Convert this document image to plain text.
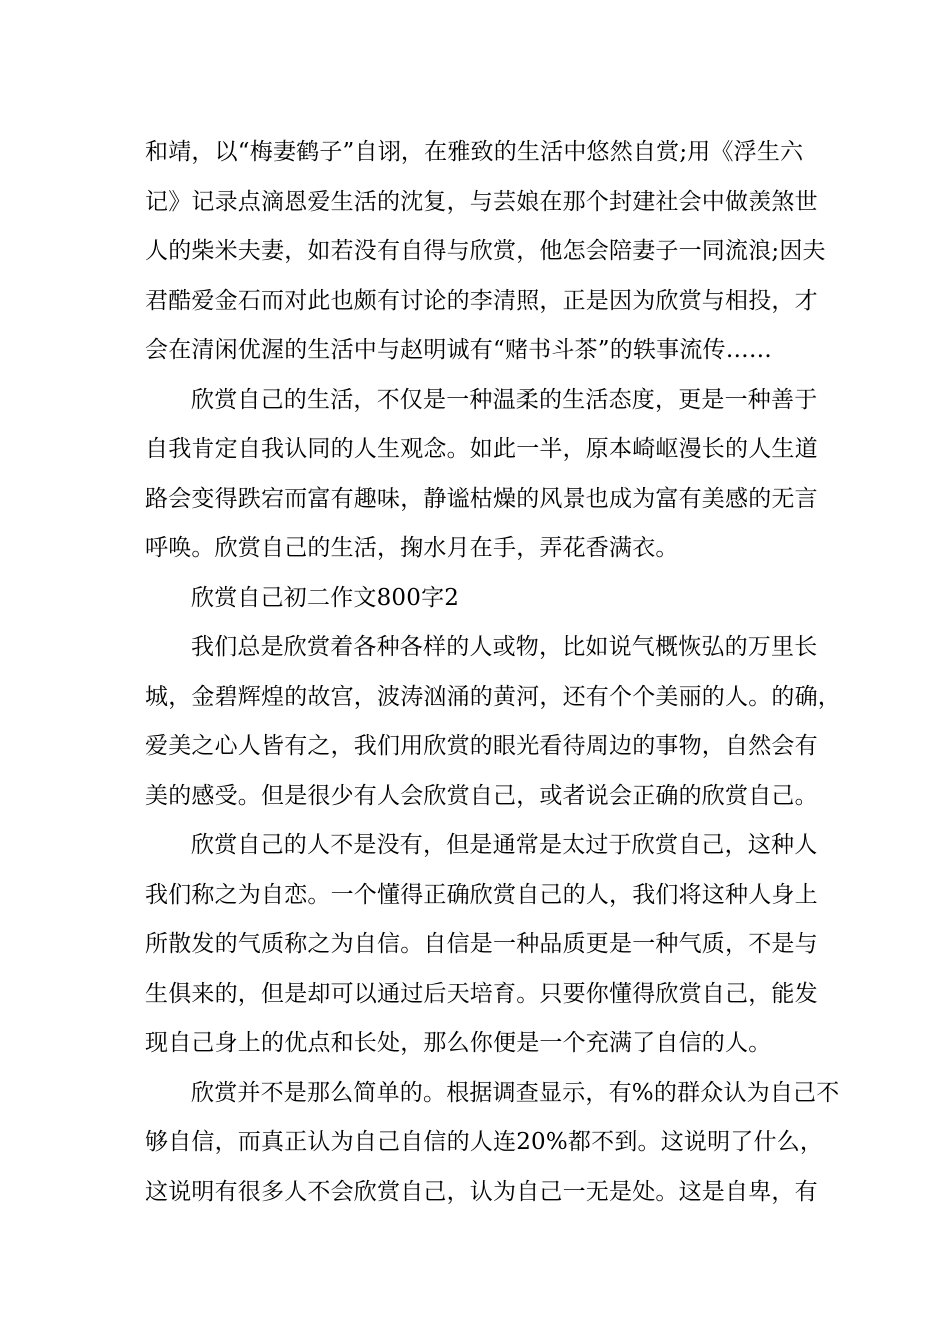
和靖，以“梅妻鹤子”自诩，在雅致的生活中悠然自赏;用《浮生六
记》记录点滴恩爱生活的沈复，与芸娘在那个封建社会中做羡煞世
人的柴米夫妻，如若没有自得与欣赏，他怎会陪妻子一同流浪;因夫
君酷爱金石而对此也颇有讨论的李清照，正是因为欣赏与相投，才
会在清闲优渥的生活中与赵明诚有“赌书斗茶”的轶事流传……
欣赏自己的生活，不仅是一种温柔的生活态度，更是一种善于
自我肯定自我认同的人生观念。如此一半，原本崎岖漫长的人生道
路会变得跌宕而富有趣味，静谧枯燥的风景也成为富有美感的无言
呼唤。欣赏自己的生活，掬水月在手，弄花香满衣。
欣赏自己初二作文800字2
我们总是欣赏着各种各样的人或物，比如说气概恢弘的万里长
城，金碧辉煌的故宫，波涛汹涌的黄河，还有个个美丽的人。的确，
爱美之心人皆有之，我们用欣赏的眼光看待周边的事物，自然会有
美的感受。但是很少有人会欣赏自己，或者说会正确的欣赏自己。
欣赏自己的人不是没有，但是通常是太过于欣赏自己，这种人
我们称之为自恋。一个懂得正确欣赏自己的人，我们将这种人身上
所散发的气质称之为自信。自信是一种品质更是一种气质，不是与
生俱来的，但是却可以通过后天培育。只要你懂得欣赏自己，能发
现自己身上的优点和长处，那么你便是一个充满了自信的人。
欣赏并不是那么简单的。根据调查显示，有%的群众认为自己不
够自信，而真正认为自己自信的人连20%都不到。这说明了什么，
这说明有很多人不会欣赏自己，认为自己一无是处。这是自卑，有
